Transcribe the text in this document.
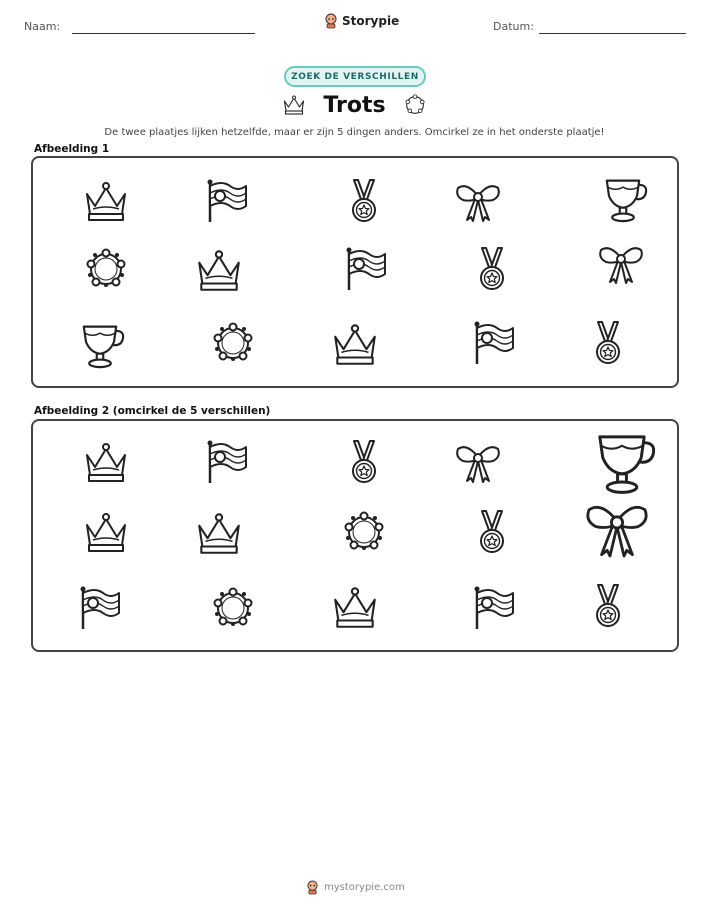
Naam:	Storypie	Datum:
ZOEK DE VERSCHILLEN
Trots
De twee plaatjes lijken hetzelfde, maar er zijn 5 dingen anders. Omcirkel ze in het onderste plaatje!
Afbeelding 1
Afbeelding 2 (omcirkel de 5 verschillen)
mystorypie.com
